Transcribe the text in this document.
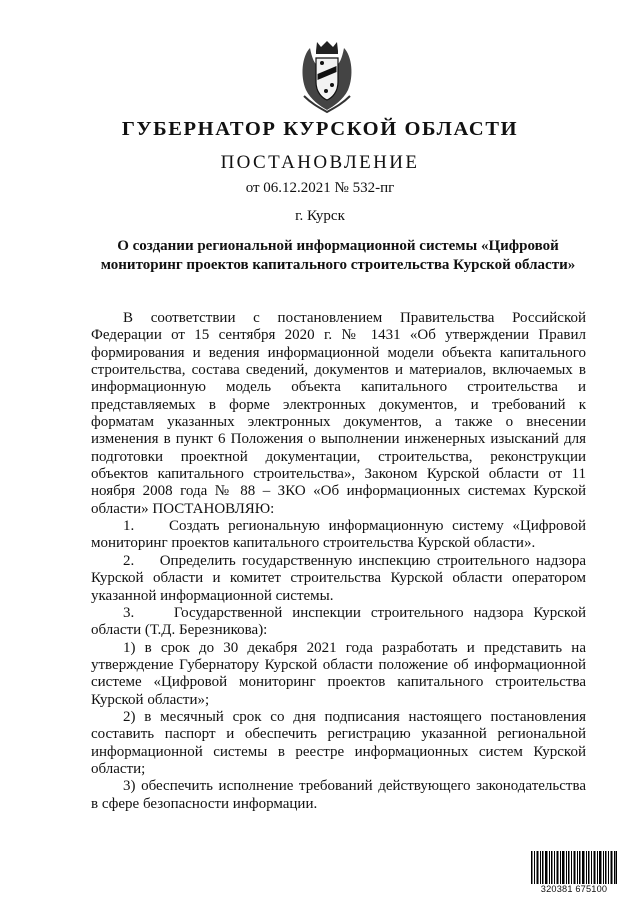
ГУБЕРНАТОР КУРСКОЙ ОБЛАСТИ
ПОСТАНОВЛЕНИЕ
от 06.12.2021 № 532-пг
г. Курск
О создании региональной информационной системы «Цифровой мониторинг проектов капитального строительства Курской области»

В соответствии с постановлением Правительства Российской Федерации от 15 сентября 2020 г. № 1431 «Об утверждении Правил формирования и ведения информационной модели объекта капитального строительства, состава сведений, документов и материалов, включаемых в информационную модель объекта капитального строительства и представляемых в форме электронных документов, и требований к форматам указанных электронных документов, а также о внесении изменения в пункт 6 Положения о выполнении инженерных изысканий для подготовки проектной документации, строительства, реконструкции объектов капитального строительства», Законом Курской области от 11 ноября 2008 года № 88 – ЗКО «Об информационных системах Курской области» ПОСТАНОВЛЯЮ:

1.    Создать региональную информационную систему «Цифровой мониторинг проектов капитального строительства Курской области».

2.    Определить государственную инспекцию строительного надзора Курской области и комитет строительства Курской области оператором указанной информационной системы.

3.    Государственной инспекции строительного надзора Курской области (Т.Д. Березникова):

1) в срок до 30 декабря 2021 года разработать и представить на утверждение Губернатору Курской области положение об информационной системе «Цифровой мониторинг проектов капитального строительства Курской области»;

2) в месячный срок со дня подписания настоящего постановления составить паспорт и обеспечить регистрацию указанной региональной информационной системы в реестре информационных систем Курской области;

3) обеспечить исполнение требований действующего законодательства в сфере безопасности информации.

320381 675100
